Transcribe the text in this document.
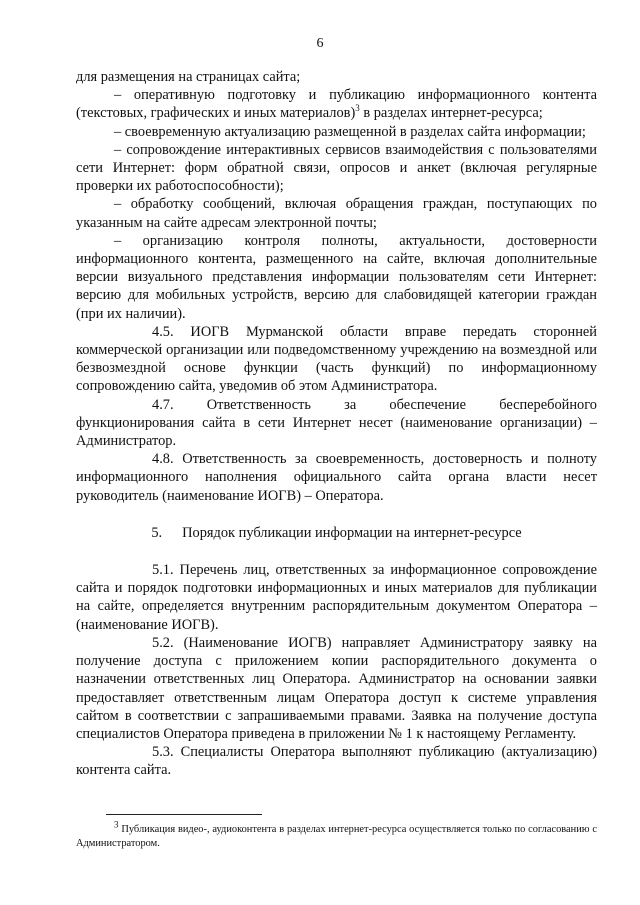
6

для размещения на страницах сайта;

– оперативную подготовку и публикацию информационного контента (текстовых, графических и иных материалов)$^3$ в разделах интернет-ресурса;

– своевременную актуализацию размещенной в разделах сайта информации;

– сопровождение интерактивных сервисов взаимодействия с пользователями сети Интернет: форм обратной связи, опросов и анкет (включая регулярные проверки их работоспособности);

– обработку сообщений, включая обращения граждан, поступающих по указанным на сайте адресам электронной почты;

– организацию контроля полноты, актуальности, достоверности информационного контента, размещенного на сайте, включая дополнительные версии визуального представления информации пользователям сети Интернет: версию для мобильных устройств, версию для слабовидящей категории граждан (при их наличии).

4.5. ИОГВ Мурманской области вправе передать сторонней коммерческой организации или подведомственному учреждению на возмездной или безвозмездной основе функции (часть функций) по информационному сопровождению сайта, уведомив об этом Администратора.

4.7. Ответственность за обеспечение бесперебойного функционирования сайта в сети Интернет несет (наименование организации) – Администратор.

4.8. Ответственность за своевременность, достоверность и полноту информационного наполнения официального сайта органа власти несет руководитель (наименование ИОГВ) – Оператора.

5. Порядок публикации информации на интернет-ресурсе

5.1. Перечень лиц, ответственных за информационное сопровождение сайта и порядок подготовки информационных и иных материалов для публикации на сайте, определяется внутренним распорядительным документом Оператора – (наименование ИОГВ).

5.2. (Наименование ИОГВ) направляет Администратору заявку на получение доступа с приложением копии распорядительного документа о назначении ответственных лиц Оператора. Администратор на основании заявки предоставляет ответственным лицам Оператора доступ к системе управления сайтом в соответствии с запрашиваемыми правами. Заявка на получение доступа специалистов Оператора приведена в приложении № 1 к настоящему Регламенту.

5.3. Специалисты Оператора выполняют публикацию (актуализацию) контента сайта.

$^3$ Публикация видео-, аудиоконтента в разделах интернет-ресурса осуществляется только по согласованию с Администратором.
